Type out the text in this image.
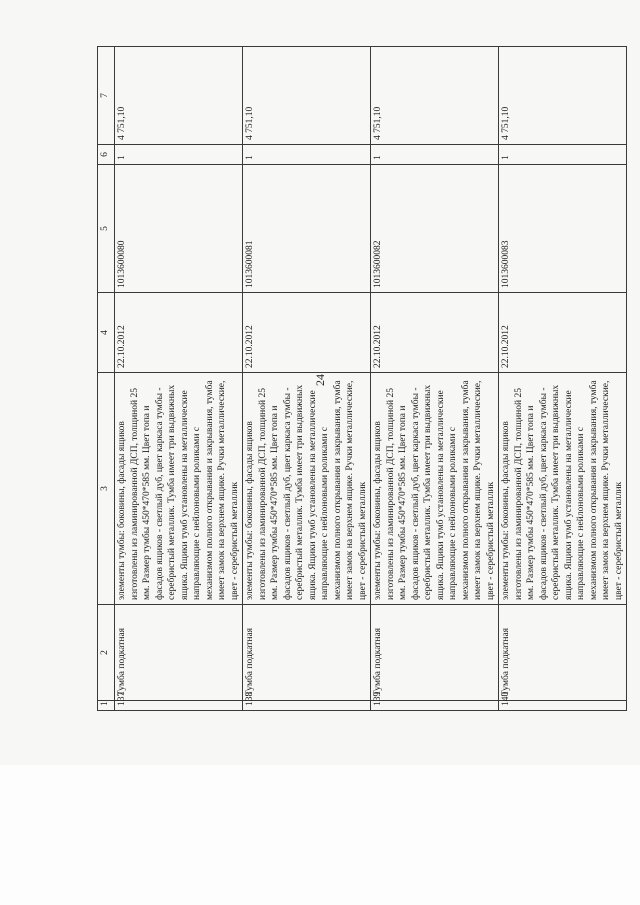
24
1	2	3	4	5	6	7
137	Тумба подкатная	элементы тумбы: боковины, фасады ящиков изготовлены из ламинированной ДСП, толщиной 25 мм. Размер тумбы 450*470*585 мм. Цвет топа и фасадов ящиков - светлый дуб, цвет каркаса тумбы - серебристый металлик. Тумба имеет три выдвижных ящика. Ящики тумб установлены на металлические направляющие с нейлоновыми роликами с механизмом полного открывания и закрывания, тумба имеет замок на верхнем ящике. Ручки металлические, цвет - серебристый металлик	22.10.2012	1013600080	1	4 751,10
138	Тумба подкатная	элементы тумбы: боковины, фасады ящиков изготовлены из ламинированной ДСП, толщиной 25 мм. Размер тумбы 450*470*585 мм. Цвет топа и фасадов ящиков - светлый дуб, цвет каркаса тумбы - серебристый металлик. Тумба имеет три выдвижных ящика. Ящики тумб установлены на металлические направляющие с нейлоновыми роликами с механизмом полного открывания и закрывания, тумба имеет замок на верхнем ящике. Ручки металлические, цвет - серебристый металлик	22.10.2012	1013600081	1	4 751,10
139	Тумба подкатная	элементы тумбы: боковины, фасады ящиков изготовлены из ламинированной ДСП, толщиной 25 мм. Размер тумбы 450*470*585 мм. Цвет топа и фасадов ящиков - светлый дуб, цвет каркаса тумбы - серебристый металлик. Тумба имеет три выдвижных ящика. Ящики тумб установлены на металлические направляющие с нейлоновыми роликами с механизмом полного открывания и закрывания, тумба имеет замок на верхнем ящике. Ручки металлические, цвет - серебристый металлик	22.10.2012	1013600082	1	4 751,10
140	Тумба подкатная	элементы тумбы: боковины, фасады ящиков изготовлены из ламинированной ДСП, толщиной 25 мм. Размер тумбы 450*470*585 мм. Цвет топа и фасадов ящиков - светлый дуб, цвет каркаса тумбы - серебристый металлик. Тумба имеет три выдвижных ящика. Ящики тумб установлены на металлические направляющие с нейлоновыми роликами с механизмом полного открывания и закрывания, тумба имеет замок на верхнем ящике. Ручки металлические, цвет - серебристый металлик	22.10.2012	1013600083	1	4 751,10
